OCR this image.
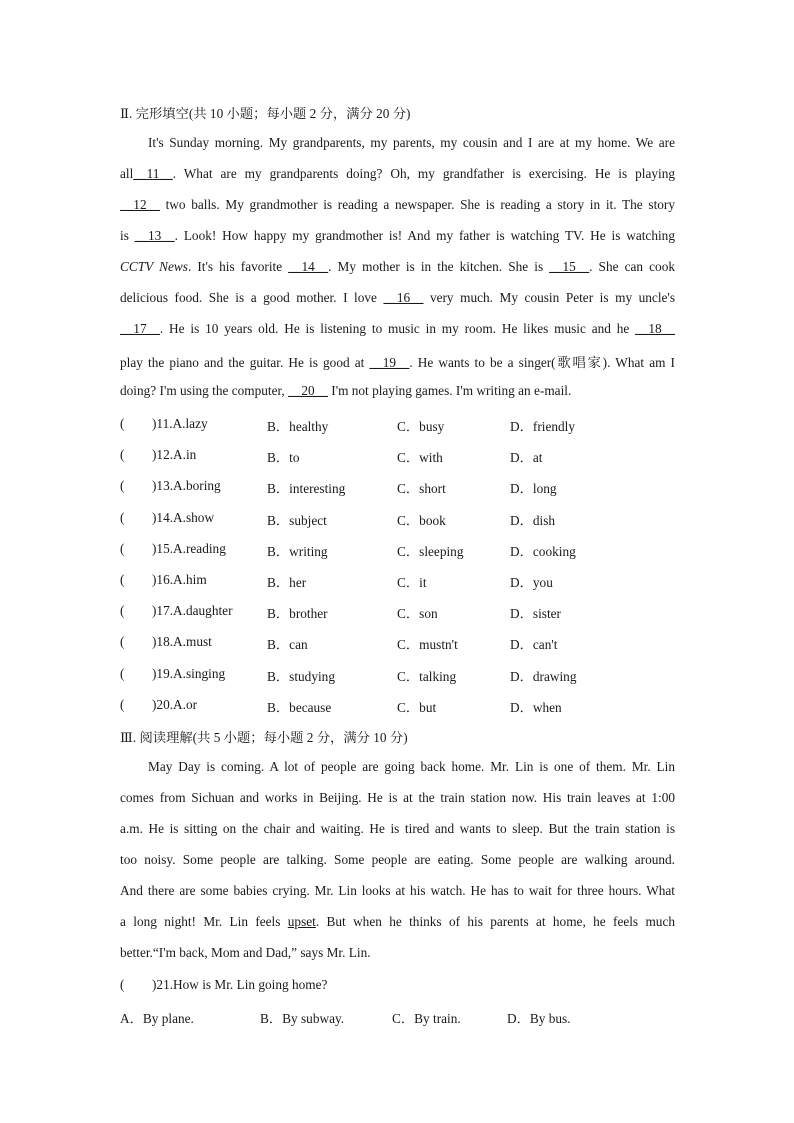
Ⅱ. 完形填空(共 10 小题；每小题 2 分，满分 20 分)
It's Sunday morning. My grandparents, my parents, my cousin and I are at my home. We are
all__11__. What are my grandparents doing? Oh, my grandfather is exercising. He is playing
__12__ two balls. My grandmother is reading a newspaper. She is reading a story in it. The story
is __13__. Look! How happy my grandmother is! And my father is watching TV. He is watching
CCTV News. It's his favorite __14__. My mother is in the kitchen. She is __15__. She can cook
delicious food. She is a good mother. I love __16__ very much. My cousin Peter is my uncle's
__17__. He is 10 years old. He is listening to music in my room. He likes music and he __18__
play the piano and the guitar. He is good at __19__. He wants to be a singer(歌唱家). What am I
doing? I'm using the computer, __20__ I'm not playing games. I'm writing an e-mail.
( )11.A.lazy	B．healthy	C．busy	D．friendly
( )12.A.in	B．to	C．with	D．at
( )13.A.boring	B．interesting	C．short	D．long
( )14.A.show	B．subject	C．book	D．dish
( )15.A.reading	B．writing	C．sleeping	D．cooking
( )16.A.him	B．her	C．it	D．you
( )17.A.daughter	B．brother	C．son	D．sister
( )18.A.must	B．can	C．mustn't	D．can't
( )19.A.singing	B．studying	C．talking	D．drawing
( )20.A.or	B．because	C．but	D．when
Ⅲ. 阅读理解(共 5 小题；每小题 2 分，满分 10 分)
May Day is coming. A lot of people are going back home. Mr. Lin is one of them. Mr. Lin
comes from Sichuan and works in Beijing. He is at the train station now. His train leaves at 1:00
a.m. He is sitting on the chair and waiting. He is tired and wants to sleep. But the train station is
too noisy. Some people are talking. Some people are eating. Some people are walking around.
And there are some babies crying. Mr. Lin looks at his watch. He has to wait for three hours. What
a long night! Mr. Lin feels upset. But when he thinks of his parents at home, he feels much
better.“I'm back, Mom and Dad,” says Mr. Lin.
( )21.How is Mr. Lin going home?
A．By plane.	B．By subway.	C．By train.	D．By bus.
